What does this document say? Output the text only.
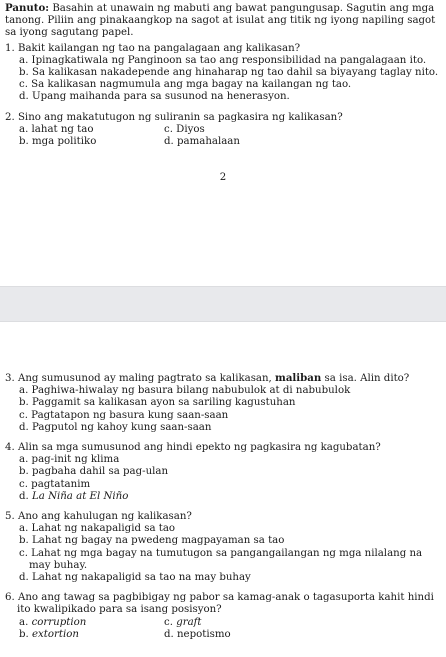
Panuto: Basahin at unawain ng mabuti ang bawat pangungusap. Sagutin ang mga tanong. Piliin ang pinakaangkop na sagot at isulat ang titik ng iyong napiling sagot sa iyong sagutang papel.

1. Bakit kailangan ng tao na pangalagaan ang kalikasan?

a. Ipinagkatiwala ng Panginoon sa tao ang responsibilidad na pangalagaan ito.

b. Sa kalikasan nakadepende ang hinaharap ng tao dahil sa biyayang taglay nito.

c. Sa kalikasan nagmumula ang mga bagay na kailangan ng tao.

d. Upang maihanda para sa susunod na henerasyon.

2. Sino ang makatutugon ng suliranin sa pagkasira ng kalikasan?

a. lahat ng tao	c. Diyos

b. mga politiko	d. pamahalaan

2

3. Ang sumusunod ay maling pagtrato sa kalikasan, maliban sa isa. Alin dito?

a. Paghiwa-hiwalay ng basura bilang nabubulok at di nabubulok

b. Paggamit sa kalikasan ayon sa sariling kagustuhan

c. Pagtatapon ng basura kung saan-saan

d. Pagputol ng kahoy kung saan-saan

4. Alin sa mga sumusunod ang hindi epekto ng pagkasira ng kagubatan?

a. pag-init ng klima

b. pagbaha dahil sa pag-ulan

c. pagtatanim

d. La Niña at El Niño

5. Ano ang kahulugan ng kalikasan?

a. Lahat ng nakapaligid sa tao

b. Lahat ng bagay na pwedeng magpayaman sa tao

c. Lahat ng mga bagay na tumutugon sa pangangailangan ng mga nilalang na may buhay.

d. Lahat ng nakapaligid sa tao na may buhay

6. Ano ang tawag sa pagbibigay ng pabor sa kamag-anak o tagasuporta kahit hindi ito kwalipikado para sa isang posisyon?

a. corruption	c. graft

b. extortion	d. nepotismo
